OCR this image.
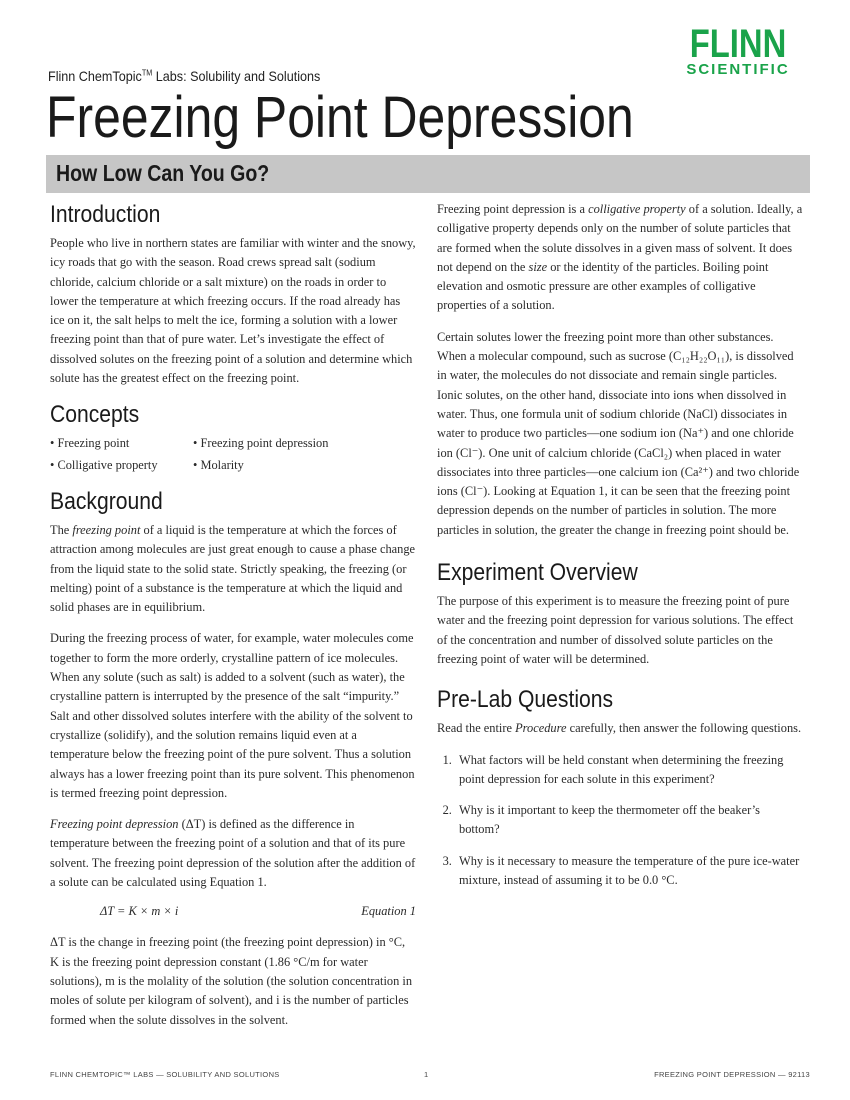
FLINN
SCIENTIFIC
Flinn ChemTopic™ Labs: Solubility and Solutions
Freezing Point Depression
How Low Can You Go?
Introduction

People who live in northern states are familiar with winter and the snowy, icy roads that go with the season. Road crews spread salt (sodium chloride, calcium chloride or a salt mixture) on the roads in order to lower the temperature at which freezing occurs. If the road already has ice on it, the salt helps to melt the ice, forming a solution with a lower freezing point than that of pure water. Let’s investigate the effect of dissolved solutes on the freezing point of a solution and determine which solute has the greatest effect on the freezing point.

Concepts
• Freezing point	• Freezing point depression
• Colligative property	• Molarity
Background

The freezing point of a liquid is the temperature at which the forces of attraction among molecules are just great enough to cause a phase change from the liquid state to the solid state. Strictly speaking, the freezing (or melting) point of a substance is the temperature at which the liquid and solid phases are in equilibrium.

During the freezing process of water, for example, water molecules come together to form the more orderly, crystalline pattern of ice molecules. When any solute (such as salt) is added to a solvent (such as water), the crystalline pattern is interrupted by the presence of the salt “impurity.” Salt and other dissolved solutes interfere with the ability of the solvent to crystallize (solidify), and the solution remains liquid even at a temperature below the freezing point of the pure solvent. Thus a solution always has a lower freezing point than its pure solvent. This phenomenon is termed freezing point depression.

Freezing point depression (ΔT) is defined as the difference in temperature between the freezing point of a solution and that of its pure solvent. The freezing point depression of the solution after the addition of a solute can be calculated using Equation 1.

ΔT = K × m × i	Equation 1

ΔT is the change in freezing point (the freezing point depression) in °C, K is the freezing point depression constant (1.86 °C/m for water solutions), m is the molality of the solution (the solution concentration in moles of solute per kilogram of solvent), and i is the number of particles formed when the solute dissolves in the solvent.

Freezing point depression is a colligative property of a solution. Ideally, a colligative property depends only on the number of solute particles that are formed when the solute dissolves in a given mass of solvent. It does not depend on the size or the identity of the particles. Boiling point elevation and osmotic pressure are other examples of colligative properties of a solution.

Certain solutes lower the freezing point more than other substances. When a molecular compound, such as sucrose (C₁₂H₂₂O₁₁), is dissolved in water, the molecules do not dissociate and remain single particles. Ionic solutes, on the other hand, dissociate into ions when dissolved in water. Thus, one formula unit of sodium chloride (NaCl) dissociates in water to produce two particles—one sodium ion (Na⁺) and one chloride ion (Cl⁻). One unit of calcium chloride (CaCl₂) when placed in water dissociates into three particles—one calcium ion (Ca²⁺) and two chloride ions (Cl⁻). Looking at Equation 1, it can be seen that the freezing point depression depends on the number of particles in solution. The more particles in solution, the greater the change in freezing point should be.

Experiment Overview

The purpose of this experiment is to measure the freezing point of pure water and the freezing point depression for various solutions. The effect of the concentration and number of dissolved solute particles on the freezing point of water will be determined.

Pre-Lab Questions

Read the entire Procedure carefully, then answer the following questions.

1. What factors will be held constant when determining the freezing point depression for each solute in this experiment?
2. Why is it important to keep the thermometer off the beaker’s bottom?
3. Why is it necessary to measure the temperature of the pure ice-water mixture, instead of assuming it to be 0.0 °C.
FLINN CHEMTOPIC™ LABS — SOLUBILITY AND SOLUTIONS	1	FREEZING POINT DEPRESSION — 92113
